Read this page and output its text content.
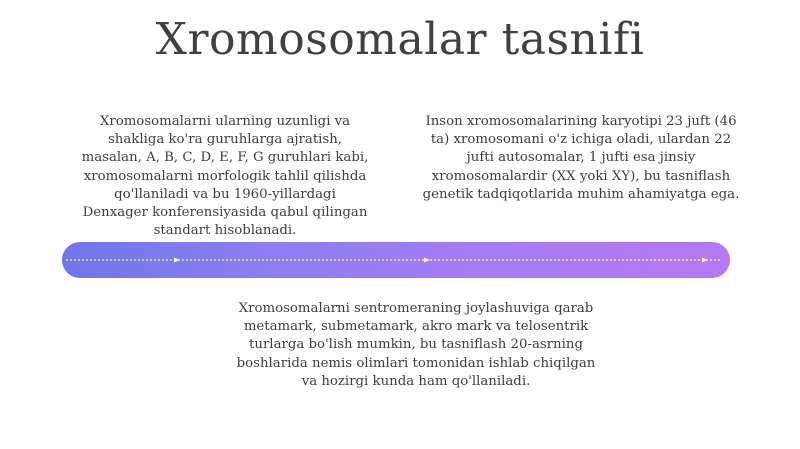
Xromosomalar tasnifi

Xromosomalarni ularning uzunligi va shakliga ko'ra guruhlarga ajratish, masalan, A, B, C, D, E, F, G guruhlari kabi, xromosomalarni morfologik tahlil qilishda qo'llaniladi va bu 1960-yillardagi Denxager konferensiyasida qabul qilingan standart hisoblanadi.

Inson xromosomalarining karyotipi 23 juft (46 ta) xromosomani o'z ichiga oladi, ulardan 22 jufti autosomalar, 1 jufti esa jinsiy xromosomalardir (XX yoki XY), bu tasniflash genetik tadqiqotlarida muhim ahamiyatga ega.

Xromosomalarni sentromeraning joylashuviga qarab metamark, submetamark, akro mark va telosentrik turlarga bo'lish mumkin, bu tasniflash 20-asrning boshlarida nemis olimlari tomonidan ishlab chiqilgan va hozirgi kunda ham qo'llaniladi.
